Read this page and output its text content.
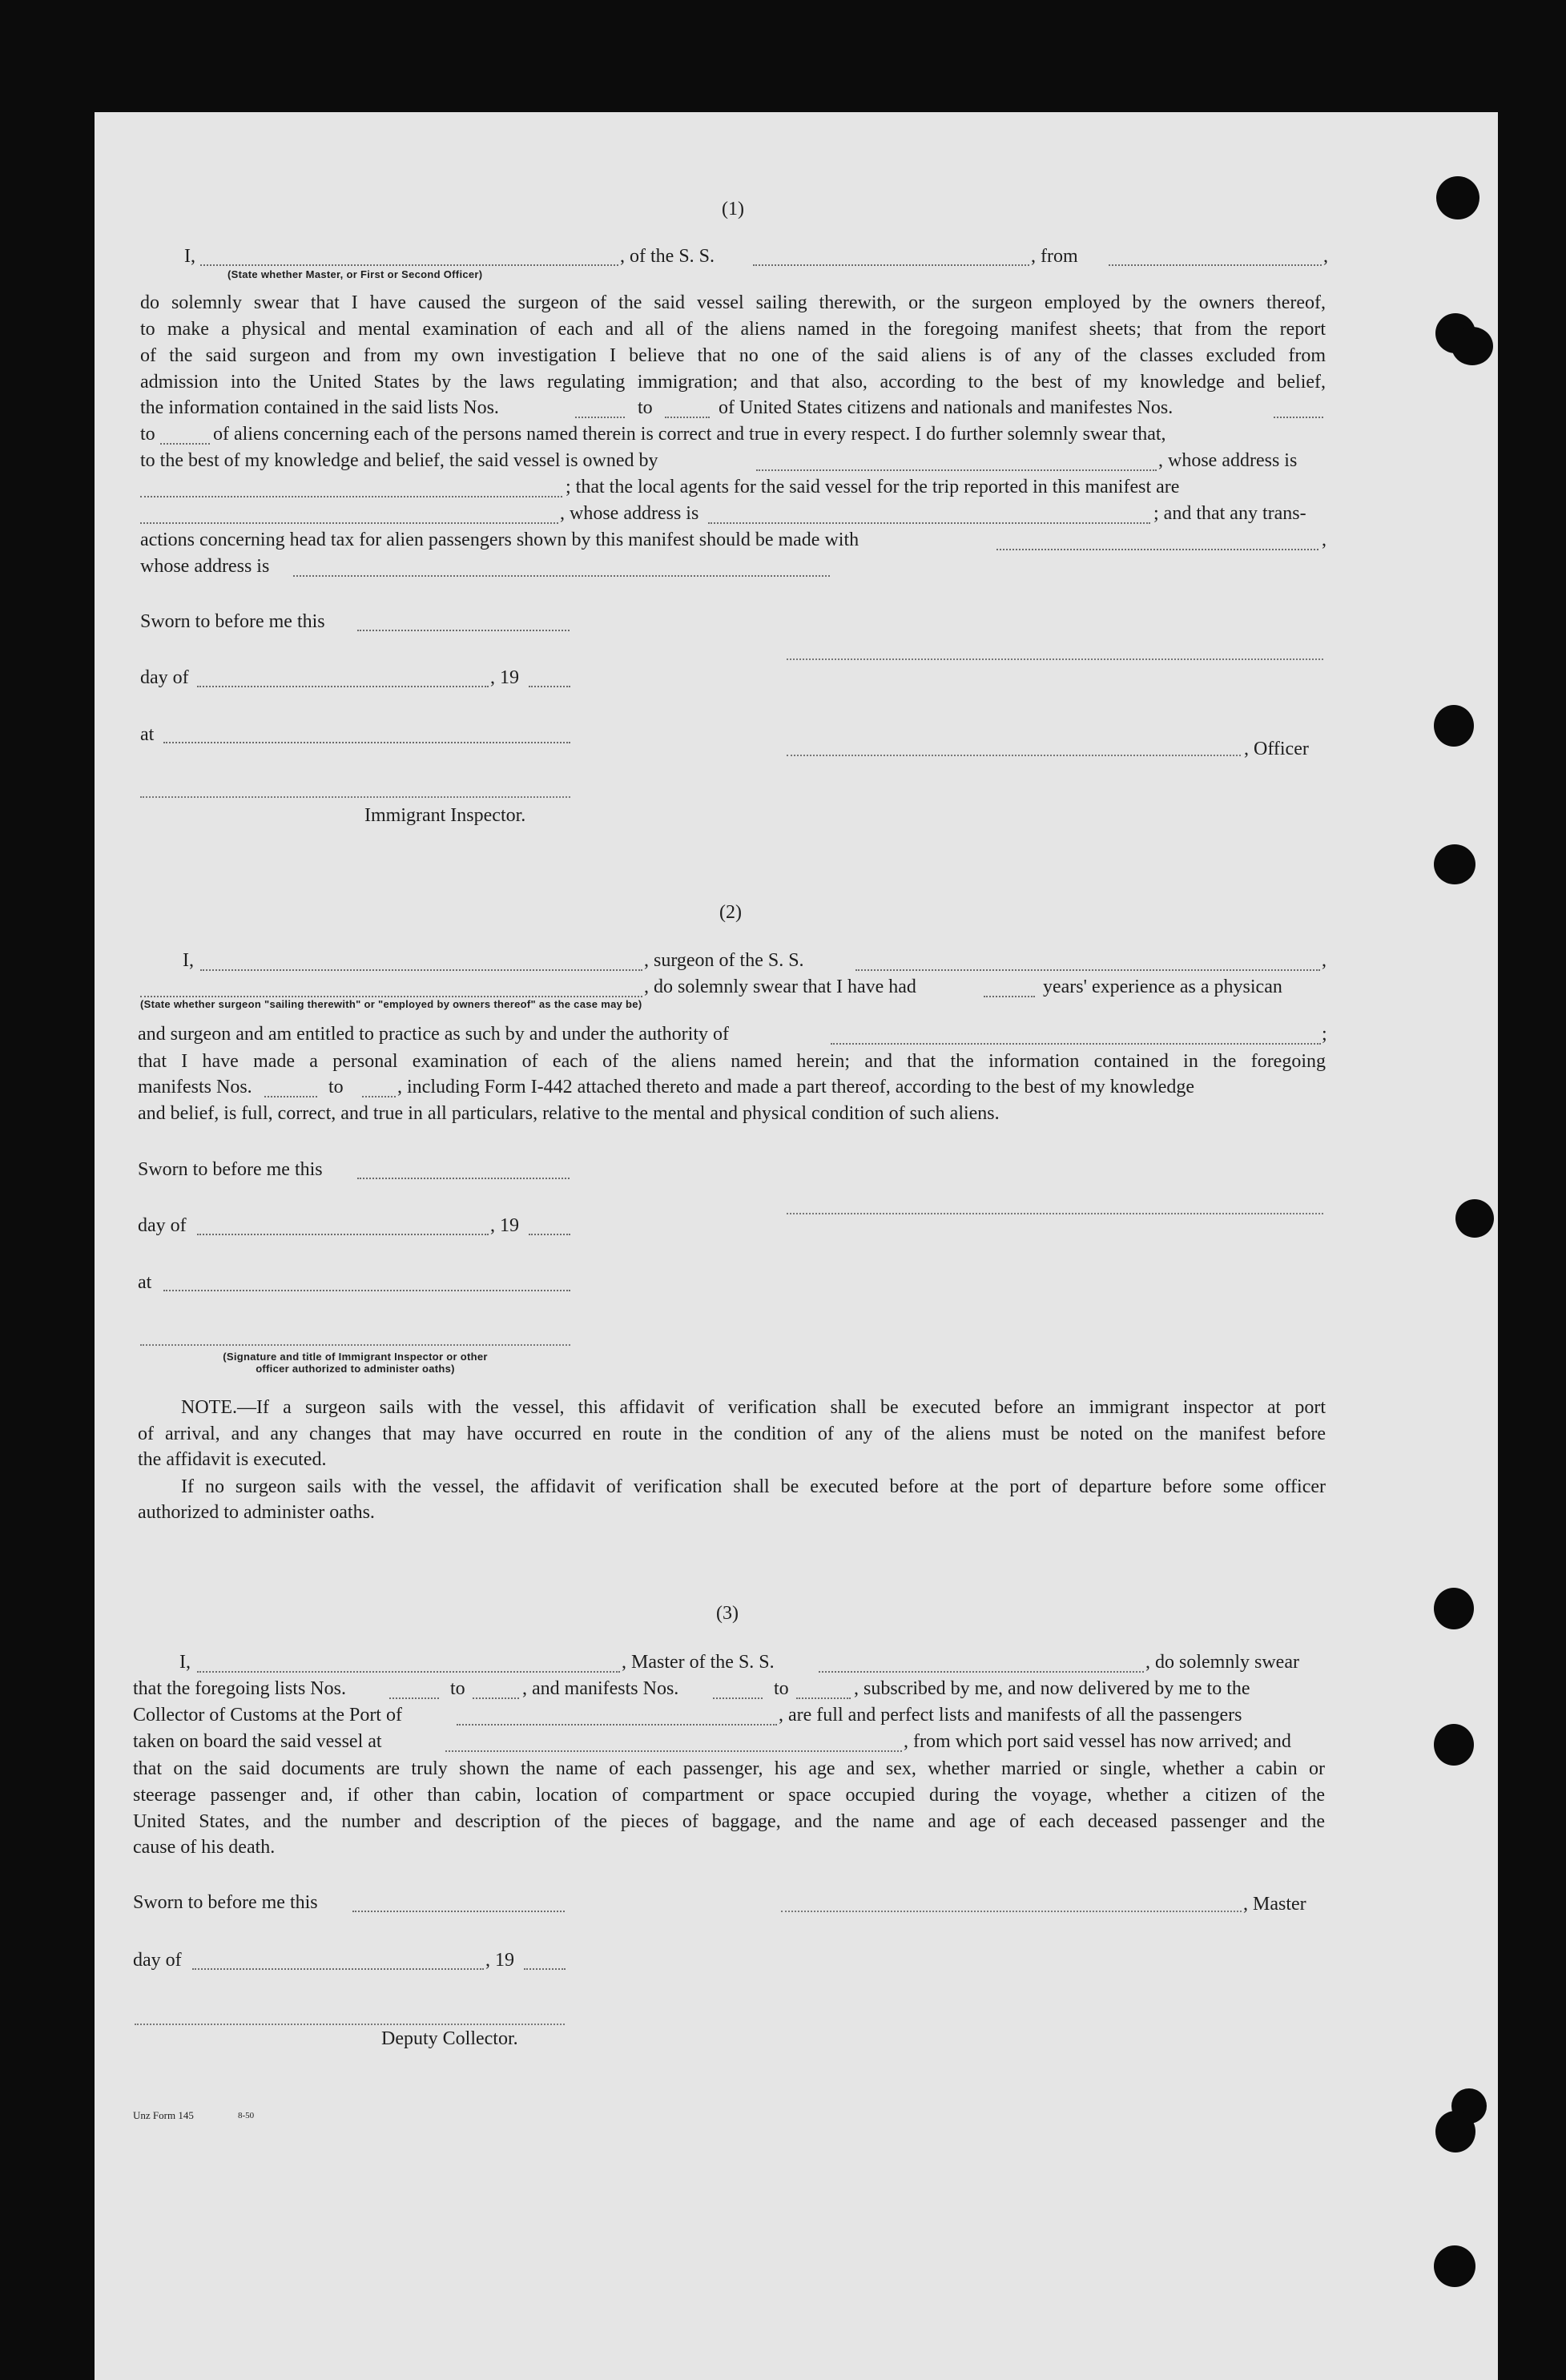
(1)
I,	, of the S. S.	, from	,
(State whether Master, or First or Second Officer)
do solemnly swear that I have caused the surgeon of the said vessel sailing therewith, or the surgeon employed by the owners thereof,
to make a physical and mental examination of each and all of the aliens named in the foregoing manifest sheets; that from the report
of the said surgeon and from my own investigation I believe that no one of the said aliens is of any of the classes excluded from
admission into the United States by the laws regulating immigration; and that also, according to the best of my knowledge and belief,
the information contained in the said lists Nos.	to	of United States citizens and nationals and manifestes Nos.
to	of aliens concerning each of the persons named therein is correct and true in every respect. I do further solemnly swear that,
to the best of my knowledge and belief, the said vessel is owned by	, whose address is
; that the local agents for the said vessel for the trip reported in this manifest are
, whose address is	; and that any trans-
actions concerning head tax for alien passengers shown by this manifest should be made with	,
whose address is
Sworn to before me this
day of	, 19
at
, Officer
Immigrant Inspector.
(2)
I,	, surgeon of the S. S.	,
, do solemnly swear that I have had	years' experience as a physican
(State whether surgeon "sailing therewith" or "employed by owners thereof" as the case may be)
and surgeon and am entitled to practice as such by and under the authority of	;
that I have made a personal examination of each of the aliens named herein; and that the information contained in the foregoing
manifests Nos.	to	, including Form I-442 attached thereto and made a part thereof, according to the best of my knowledge
and belief, is full, correct, and true in all particulars, relative to the mental and physical condition of such aliens.
Sworn to before me this
day of	, 19
at
(Signature and title of Immigrant Inspector or other
officer authorized to administer oaths)
NOTE.—If a surgeon sails with the vessel, this affidavit of verification shall be executed before an immigrant inspector at port
of arrival, and any changes that may have occurred en route in the condition of any of the aliens must be noted on the manifest before
the affidavit is executed.
If no surgeon sails with the vessel, the affidavit of verification shall be executed before at the port of departure before some officer
authorized to administer oaths.
(3)
I,	, Master of the S. S.	, do solemnly swear
that the foregoing lists Nos.	to	, and manifests Nos.	to	, subscribed by me, and now delivered by me to the
Collector of Customs at the Port of	, are full and perfect lists and manifests of all the passengers
taken on board the said vessel at	, from which port said vessel has now arrived; and
that on the said documents are truly shown the name of each passenger, his age and sex, whether married or single, whether a cabin or
steerage passenger and, if other than cabin, location of compartment or space occupied during the voyage, whether a citizen of the
United States, and the number and description of the pieces of baggage, and the name and age of each deceased passenger and the
cause of his death.
Sworn to before me this	, Master
day of	, 19
Deputy Collector.
Unz Form 145	8-50
